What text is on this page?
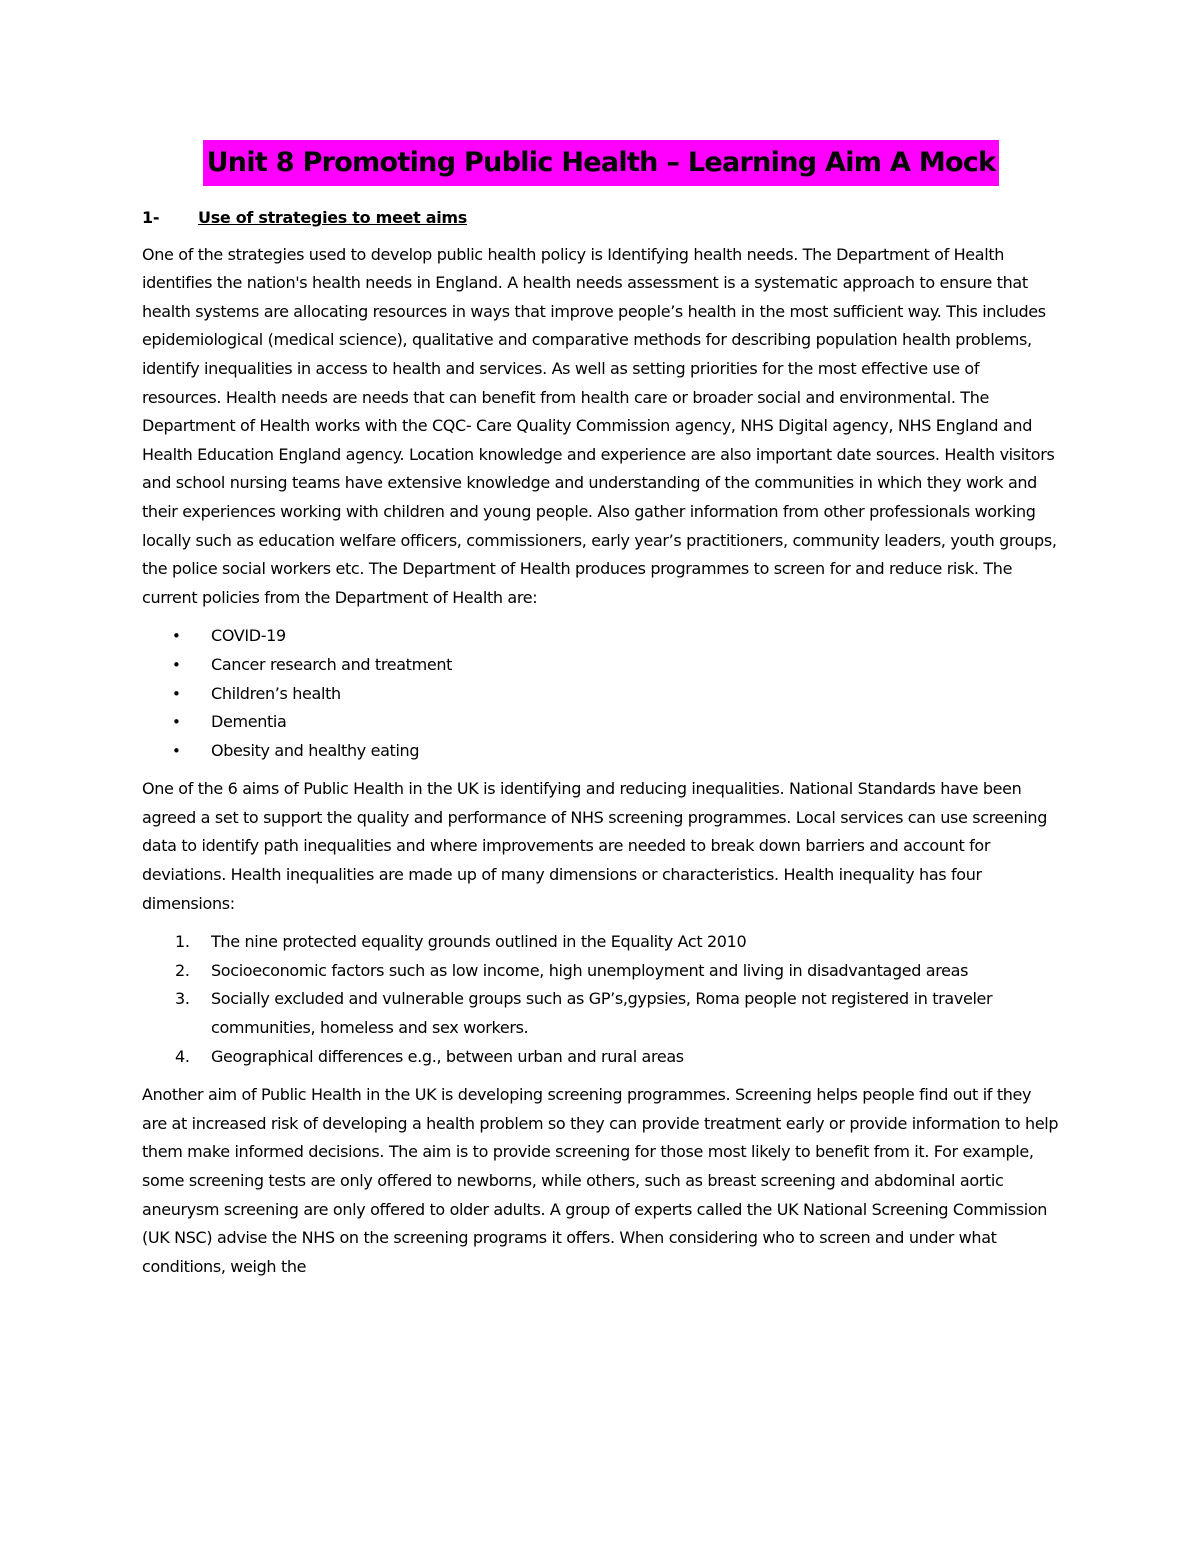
Unit 8 Promoting Public Health – Learning Aim A Mock
1-	Use of strategies to meet aims

One of the strategies used to develop public health policy is Identifying health needs. The Department of Health identifies the nation's health needs in England. A health needs assessment is a systematic approach to ensure that health systems are allocating resources in ways that improve people’s health in the most sufficient way. This includes epidemiological (medical science), qualitative and comparative methods for describing population health problems, identify inequalities in access to health and services. As well as setting priorities for the most effective use of resources. Health needs are needs that can benefit from health care or broader social and environmental. The Department of Health works with the CQC- Care Quality Commission agency, NHS Digital agency, NHS England and Health Education England agency. Location knowledge and experience are also important date sources. Health visitors and school nursing teams have extensive knowledge and understanding of the communities in which they work and their experiences working with children and young people. Also gather information from other professionals working locally such as education welfare officers, commissioners, early year’s practitioners, community leaders, youth groups, the police social workers etc. The Department of Health produces programmes to screen for and reduce risk. The current policies from the Department of Health are:

• COVID-19
• Cancer research and treatment
• Children’s health
• Dementia
• Obesity and healthy eating

One of the 6 aims of Public Health in the UK is identifying and reducing inequalities. National Standards have been agreed a set to support the quality and performance of NHS screening programmes. Local services can use screening data to identify path inequalities and where improvements are needed to break down barriers and account for deviations. Health inequalities are made up of many dimensions or characteristics. Health inequality has four dimensions:

1. The nine protected equality grounds outlined in the Equality Act 2010
2. Socioeconomic factors such as low income, high unemployment and living in disadvantaged areas
3. Socially excluded and vulnerable groups such as GP’s,gypsies, Roma people not registered in traveler communities, homeless and sex workers.
4. Geographical differences e.g., between urban and rural areas

Another aim of Public Health in the UK is developing screening programmes. Screening helps people find out if they are at increased risk of developing a health problem so they can provide treatment early or provide information to help them make informed decisions. The aim is to provide screening for those most likely to benefit from it. For example, some screening tests are only offered to newborns, while others, such as breast screening and abdominal aortic aneurysm screening are only offered to older adults. A group of experts called the UK National Screening Commission (UK NSC) advise the NHS on the screening programs it offers. When considering who to screen and under what conditions, weigh the
